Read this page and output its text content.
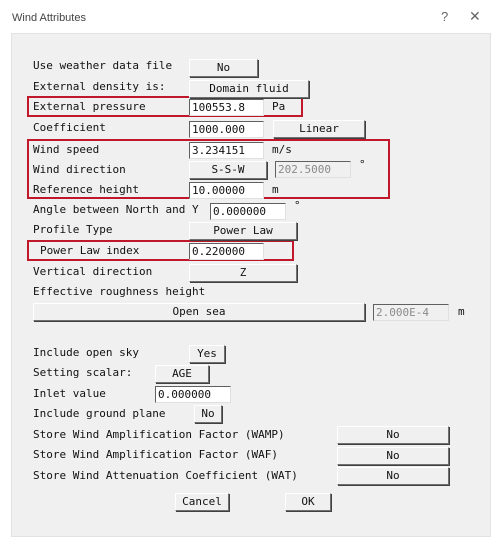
Wind Attributes	? ✕
Use weather data file	No
External density is:	Domain fluid
External pressure	100553.8	Pa
Coefficient	1000.000	Linear
Wind speed	3.234151	m/s
Wind direction	S-S-W	202.5000	°
Reference height	10.00000	m
Angle between North and Y 0.000000	°
Profile Type	Power Law
Power Law index	0.220000
Vertical direction	Z
Effective roughness height
Open sea	2.000E-4	m
Include open sky	Yes
Setting scalar:	AGE
Inlet value	0.000000
Include ground plane	No
Store Wind Amplification Factor (WAMP)	No
Store Wind Amplification Factor (WAF)	No
Store Wind Attenuation Coefficient (WAT)	No
Cancel	OK
